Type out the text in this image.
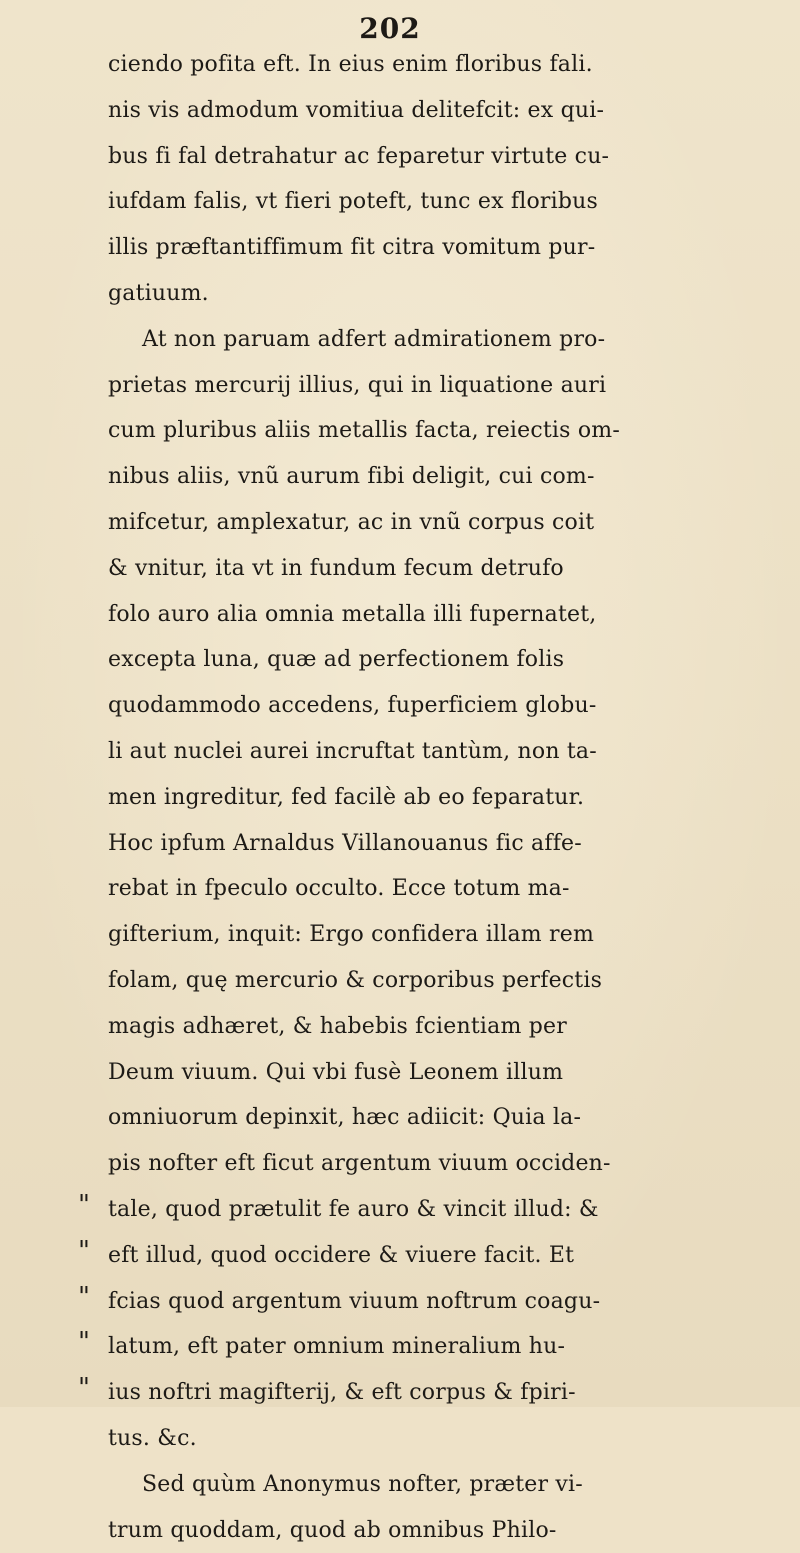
202
ciendo pofita eft. In eius enim floribus fali.
nis vis admodum vomitiua delitefcit: ex qui-
bus fi fal detrahatur ac feparetur virtute cu-
iufdam falis, vt fieri poteft, tunc ex floribus
illis præftantiffimum fit citra vomitum pur-
gatiuum.
At non paruam adfert admirationem pro-
prietas mercurij illius, qui in liquatione auri
cum pluribus aliis metallis facta, reiectis om-
nibus aliis, vnũ aurum fibi deligit, cui com-
mifcetur, amplexatur, ac in vnũ corpus coit
& vnitur, ita vt in fundum fecum detrufo
folo auro alia omnia metalla illi fupernatet,
excepta luna, quæ ad perfectionem folis
quodammodo accedens, fuperficiem globu-
li aut nuclei aurei incruftat tantùm, non ta-
men ingreditur, fed facilè ab eo feparatur.
Hoc ipfum Arnaldus Villanouanus fic affe-
rebat in fpeculo occulto. Ecce totum ma-
gifterium, inquit: Ergo confidera illam rem
folam, quę mercurio & corporibus perfectis
magis adhæret, & habebis fcientiam per
Deum viuum. Qui vbi fusè Leonem illum
omniuorum depinxit, hæc adiicit: Quia la-
pis nofter eft ficut argentum viuum occiden-
" tale, quod prætulit fe auro & vincit illud: &
" eft illud, quod occidere & viuere facit. Et
" fcias quod argentum viuum noftrum coagu-
" latum, eft pater omnium mineralium hu-
" ius noftri magifterij, & eft corpus & fpiri-
tus. &c.
Sed quùm Anonymus nofter, præter vi-
trum quoddam, quod ab omnibus Philo-
